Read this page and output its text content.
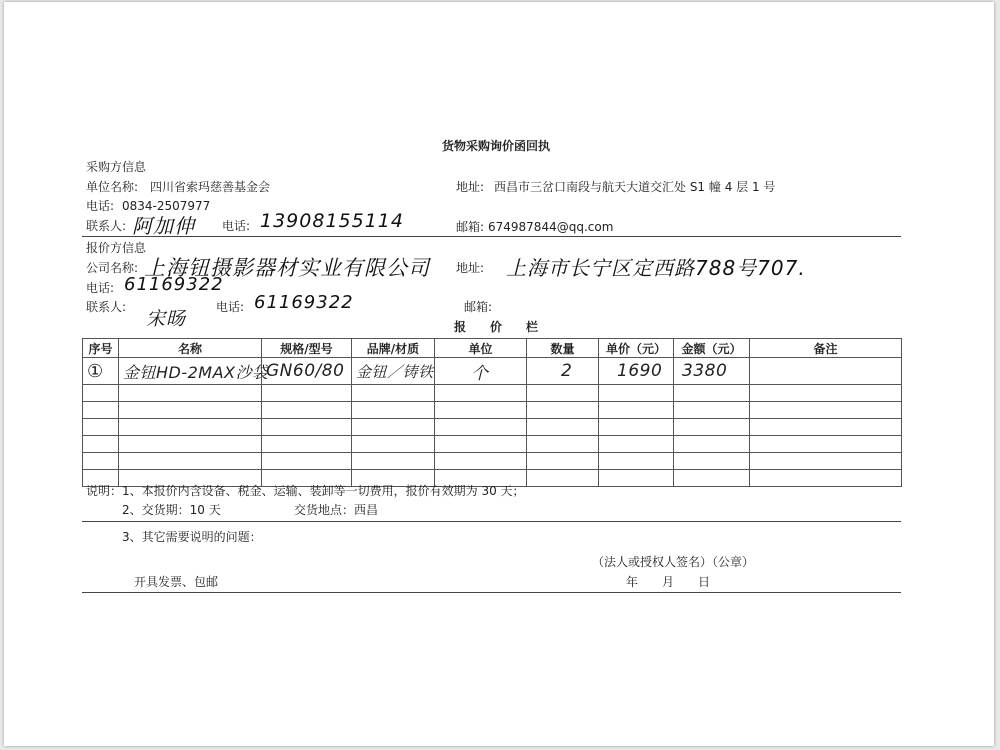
货物采购询价函回执
采购方信息
单位名称: 四川省索玛慈善基金会	地址: 西昌市三岔口南段与航天大道交汇处 S1 幢 4 层 1 号
电话: 0834-2507977
联系人: 阿加伸 电话: 13908155114	邮箱: 674987844@qq.com
报价方信息
公司名称: 上海钮摄影器材实业有限公司 地址: 上海市长宁区定西路788号707.
电话: 61169322
联系人:
宋旸
电话: 61169322	邮箱:
报　　价　　栏
序号	名称	规格/型号	品牌/材质	单位	数量	单价（元）	金额（元）	备注
①	金钮HD-2MAX沙袋	GN60/80	金钮／铸铁	个	2	1690	3380	

说明：1、本报价内含设备、税金、运输、装卸等一切费用，报价有效期为 30 天；
2、交货期：10 天	交货地点：西昌
3、其它需要说明的问题：
（法人或授权人签名）（公章）
开具发票、包邮	年　　月　　日
